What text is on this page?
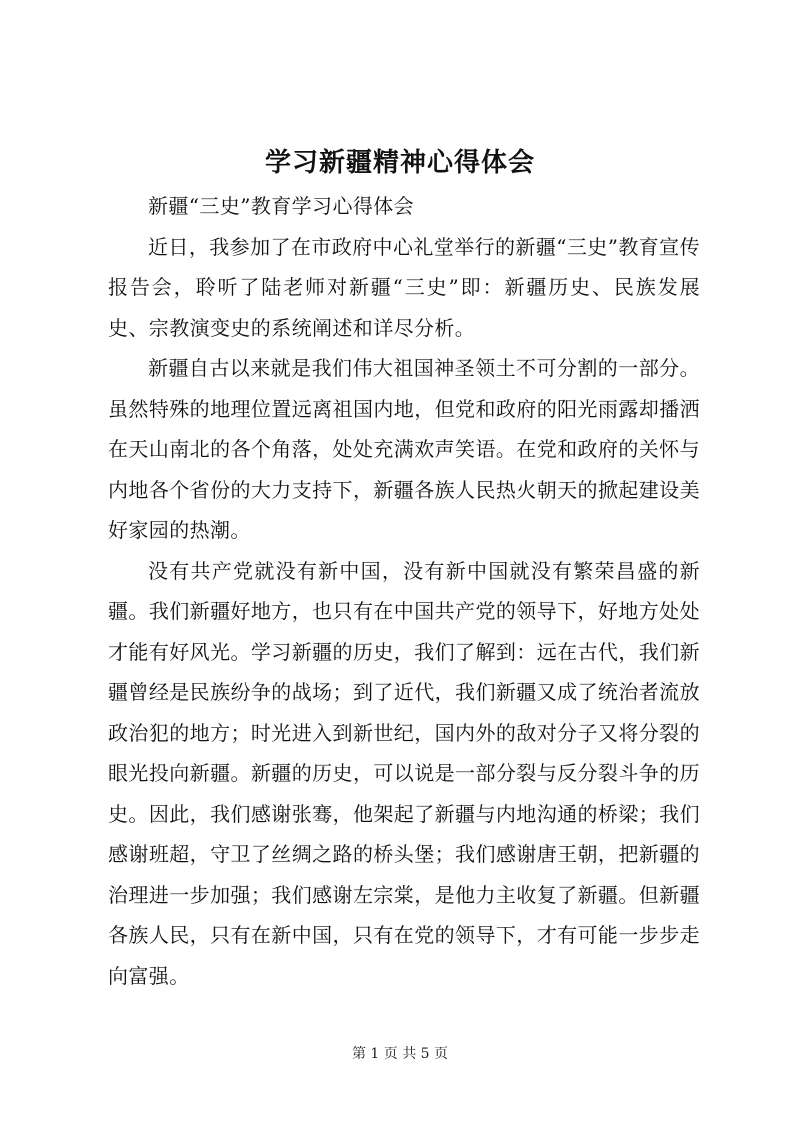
学习新疆精神心得体会

新疆“三史”教育学习心得体会

近日，我参加了在市政府中心礼堂举行的新疆“三史”教育宣传报告会，聆听了陆老师对新疆“三史”即：新疆历史、民族发展史、宗教演变史的系统阐述和详尽分析。

新疆自古以来就是我们伟大祖国神圣领土不可分割的一部分。虽然特殊的地理位置远离祖国内地，但党和政府的阳光雨露却播洒在天山南北的各个角落，处处充满欢声笑语。在党和政府的关怀与内地各个省份的大力支持下，新疆各族人民热火朝天的掀起建设美好家园的热潮。

没有共产党就没有新中国，没有新中国就没有繁荣昌盛的新疆。我们新疆好地方，也只有在中国共产党的领导下，好地方处处才能有好风光。学习新疆的历史，我们了解到：远在古代，我们新疆曾经是民族纷争的战场；到了近代，我们新疆又成了统治者流放政治犯的地方；时光进入到新世纪，国内外的敌对分子又将分裂的眼光投向新疆。新疆的历史，可以说是一部分裂与反分裂斗争的历史。因此，我们感谢张骞，他架起了新疆与内地沟通的桥梁；我们感谢班超，守卫了丝绸之路的桥头堡；我们感谢唐王朝，把新疆的治理进一步加强；我们感谢左宗棠，是他力主收复了新疆。但新疆各族人民，只有在新中国，只有在党的领导下，才有可能一步步走向富强。

第 1 页 共 5 页
